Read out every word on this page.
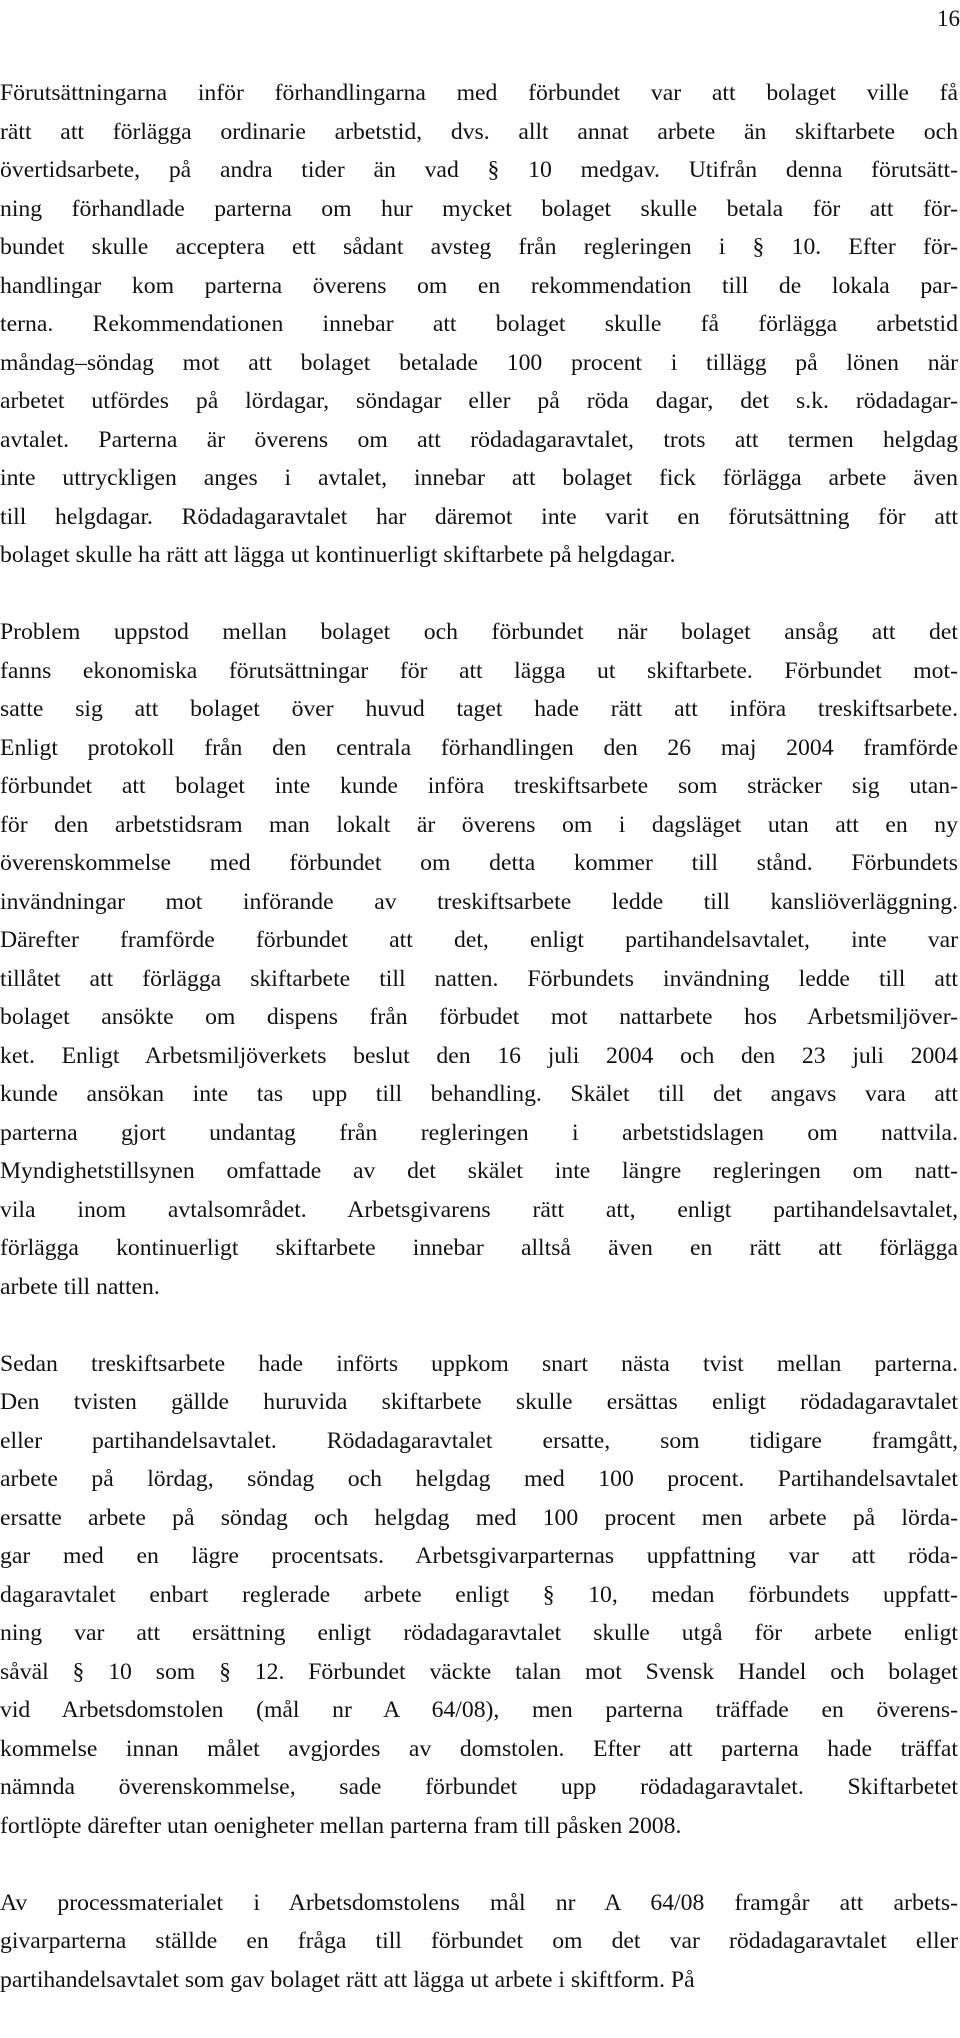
16

Förutsättningarna inför förhandlingarna med förbundet var att bolaget ville få
rätt att förlägga ordinarie arbetstid, dvs. allt annat arbete än skiftarbete och
övertidsarbete, på andra tider än vad § 10 medgav. Utifrån denna förutsätt-
ning förhandlade parterna om hur mycket bolaget skulle betala för att för-
bundet skulle acceptera ett sådant avsteg från regleringen i § 10. Efter för-
handlingar kom parterna överens om en rekommendation till de lokala par-
terna. Rekommendationen innebar att bolaget skulle få förlägga arbetstid
måndag–söndag mot att bolaget betalade 100 procent i tillägg på lönen när
arbetet utfördes på lördagar, söndagar eller på röda dagar, det s.k. rödadagar-
avtalet. Parterna är överens om att rödadagaravtalet, trots att termen helgdag
inte uttryckligen anges i avtalet, innebar att bolaget fick förlägga arbete även
till helgdagar. Rödadagaravtalet har däremot inte varit en förutsättning för att
bolaget skulle ha rätt att lägga ut kontinuerligt skiftarbete på helgdagar.

Problem uppstod mellan bolaget och förbundet när bolaget ansåg att det
fanns ekonomiska förutsättningar för att lägga ut skiftarbete. Förbundet mot-
satte sig att bolaget över huvud taget hade rätt att införa treskiftsarbete.
Enligt protokoll från den centrala förhandlingen den 26 maj 2004 framförde
förbundet att bolaget inte kunde införa treskiftsarbete som sträcker sig utan-
för den arbetstidsram man lokalt är överens om i dagsläget utan att en ny
överenskommelse med förbundet om detta kommer till stånd. Förbundets
invändningar mot införande av treskiftsarbete ledde till kansliöverläggning.
Därefter framförde förbundet att det, enligt partihandelsavtalet, inte var
tillåtet att förlägga skiftarbete till natten. Förbundets invändning ledde till att
bolaget ansökte om dispens från förbudet mot nattarbete hos Arbetsmiljöver-
ket. Enligt Arbetsmiljöverkets beslut den 16 juli 2004 och den 23 juli 2004
kunde ansökan inte tas upp till behandling. Skälet till det angavs vara att
parterna gjort undantag från regleringen i arbetstidslagen om nattvila.
Myndighetstillsynen omfattade av det skälet inte längre regleringen om natt-
vila inom avtalsområdet. Arbetsgivarens rätt att, enligt partihandelsavtalet,
förlägga kontinuerligt skiftarbete innebar alltså även en rätt att förlägga
arbete till natten.

Sedan treskiftsarbete hade införts uppkom snart nästa tvist mellan parterna.
Den tvisten gällde huruvida skiftarbete skulle ersättas enligt rödadagaravtalet
eller partihandelsavtalet. Rödadagaravtalet ersatte, som tidigare framgått,
arbete på lördag, söndag och helgdag med 100 procent. Partihandelsavtalet
ersatte arbete på söndag och helgdag med 100 procent men arbete på lörda-
gar med en lägre procentsats. Arbetsgivarparternas uppfattning var att röda-
dagaravtalet enbart reglerade arbete enligt § 10, medan förbundets uppfatt-
ning var att ersättning enligt rödadagaravtalet skulle utgå för arbete enligt
såväl § 10 som § 12. Förbundet väckte talan mot Svensk Handel och bolaget
vid Arbetsdomstolen (mål nr A 64/08), men parterna träffade en överens-
kommelse innan målet avgjordes av domstolen. Efter att parterna hade träffat
nämnda överenskommelse, sade förbundet upp rödadagaravtalet. Skiftarbetet
fortlöpte därefter utan oenigheter mellan parterna fram till påsken 2008.

Av processmaterialet i Arbetsdomstolens mål nr A 64/08 framgår att arbets-
givarparterna ställde en fråga till förbundet om det var rödadagaravtalet eller
partihandelsavtalet som gav bolaget rätt att lägga ut arbete i skiftform. På
